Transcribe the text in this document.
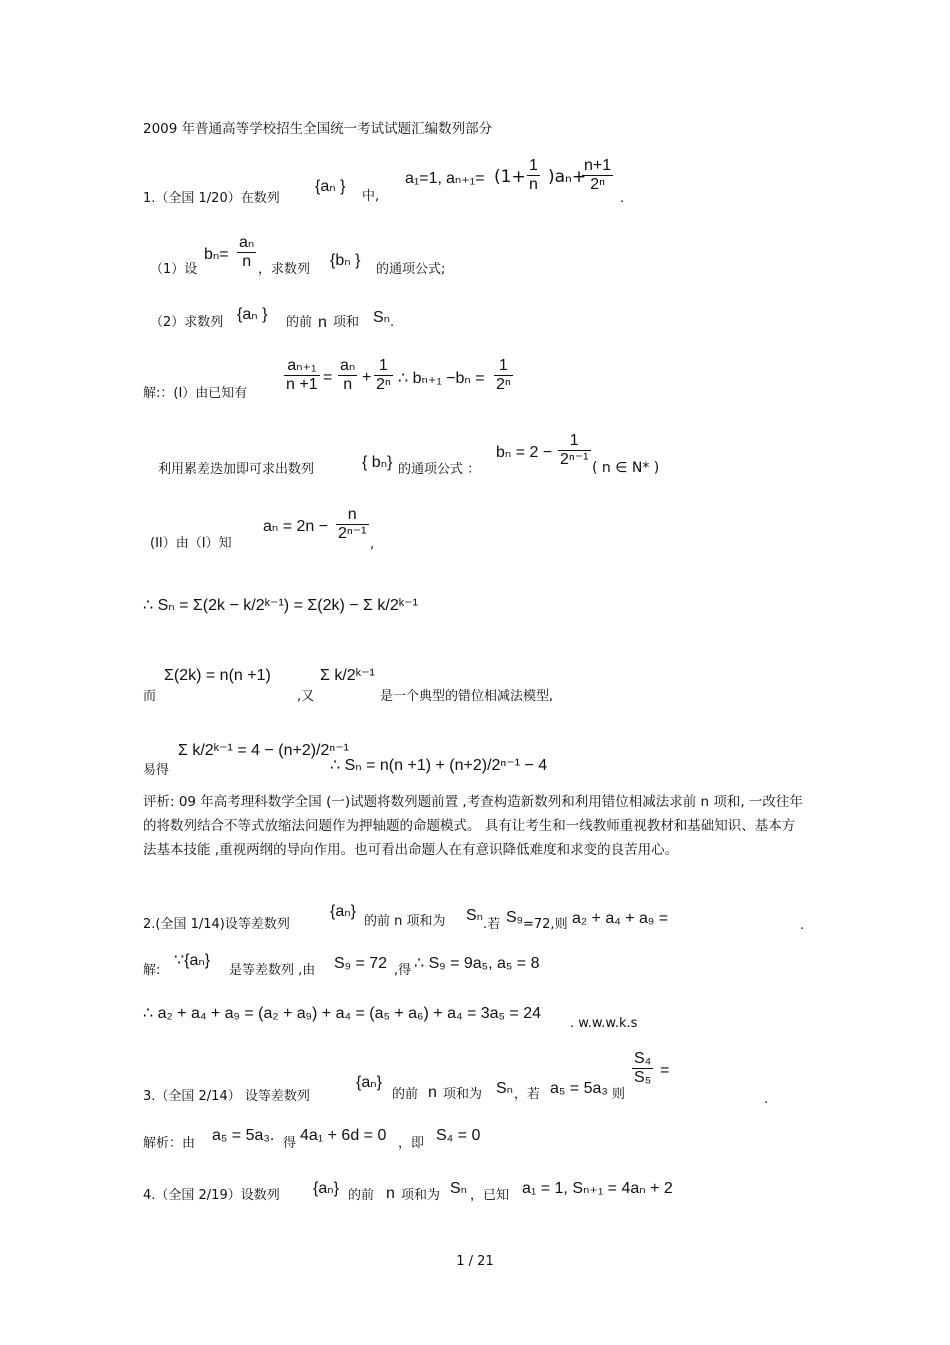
2009 年普通高等学校招生全国统一考试试题汇编数列部分
1.（全国 1/20）在数列
{aₙ }
中,
a₁=1, $a_{n+1}= (1+ \frac{1}{n} )a_n+$
$\frac{n+1}{\text{2ⁿ}}$
.
（1）设
$b_n= \frac{\text{aₙ}}{n}$ ，求数列
{bₙ }
的通项公式;
（2）求数列 {aₙ } 的前 n 项和 Sₙ .
解:：(I）由已知有 $\frac{\text{aₙ₊₁}}{n +1} = \frac{\text{aₙ}}{n} + \frac{1}{\text{2ⁿ}}$ ∴ $b_{n+1} -b_n = \frac{1}{\text{2ⁿ}}$
利用累差迭加即可求出数列	{ bₙ} 的通项公式 ：
$b_n = 2 - \frac{1}{\text{2ⁿ⁻¹}}$ ( n ∈ N* )
(II）由（I）知
$a_n = 2n - \frac{n}{\text{2ⁿ⁻¹}}$
,
∴ Sₙ = Σ(2k − k/2ᵏ⁻¹) = Σ(2k) − Σ k/2ᵏ⁻¹
而
Σ(2k) = n(n +1)
,又
Σ k/2ᵏ⁻¹
是一个典型的错位相减法模型,
易得
Σ k/2ᵏ⁻¹ = 4 − (n+2)/2ⁿ⁻¹
∴ Sₙ = n(n +1) + (n+2)/2ⁿ⁻¹ − 4
评析: 09 年高考理科数学全国 (一)试题将数列题前置 ,考查构造新数列和利用错位相减法求前 n 项和, 一改往年的将数列结合不等式放缩法问题作为押轴题的命题模式。 具有让考生和一线教师重视教材和基础知识、基本方法基本技能 ,重视两纲的导向作用。也可看出命题人在有意识降低难度和求变的良苦用心。
2.(全国 1/14)设等差数列
{aₙ}
的前 n 项和为 Sₙ
.若 S₉ =72,则 a₂ + a₄ + a₉ =	.
解:
∵{aₙ}
是等差数列 ,由 S₉ = 72 ,得 ∴ S₉ = 9a₅, a₅ = 8
∴ a₂ + a₄ + a₉ = (a₂ + a₉) + a₄ = (a₅ + a₆) + a₄ = 3a₅ = 24
. w.w.w.k.s
3.（全国 2/14） 设等差数列
{aₙ}
的前 n 项和为 Sₙ ，若 a₅ = 5a₃ 则
$\frac{\text{S₄}}{\text{S₅}}$ =
.
解析：由 a₅ = 5a₃. 得 4a₁ + 6d = 0 ，即 S₄ = 0
4.（全国 2/19）设数列 {aₙ} 的前 n 项和为 Sₙ ，已知 a₁ = 1, Sₙ₊₁ = 4aₙ + 2
1 / 21
